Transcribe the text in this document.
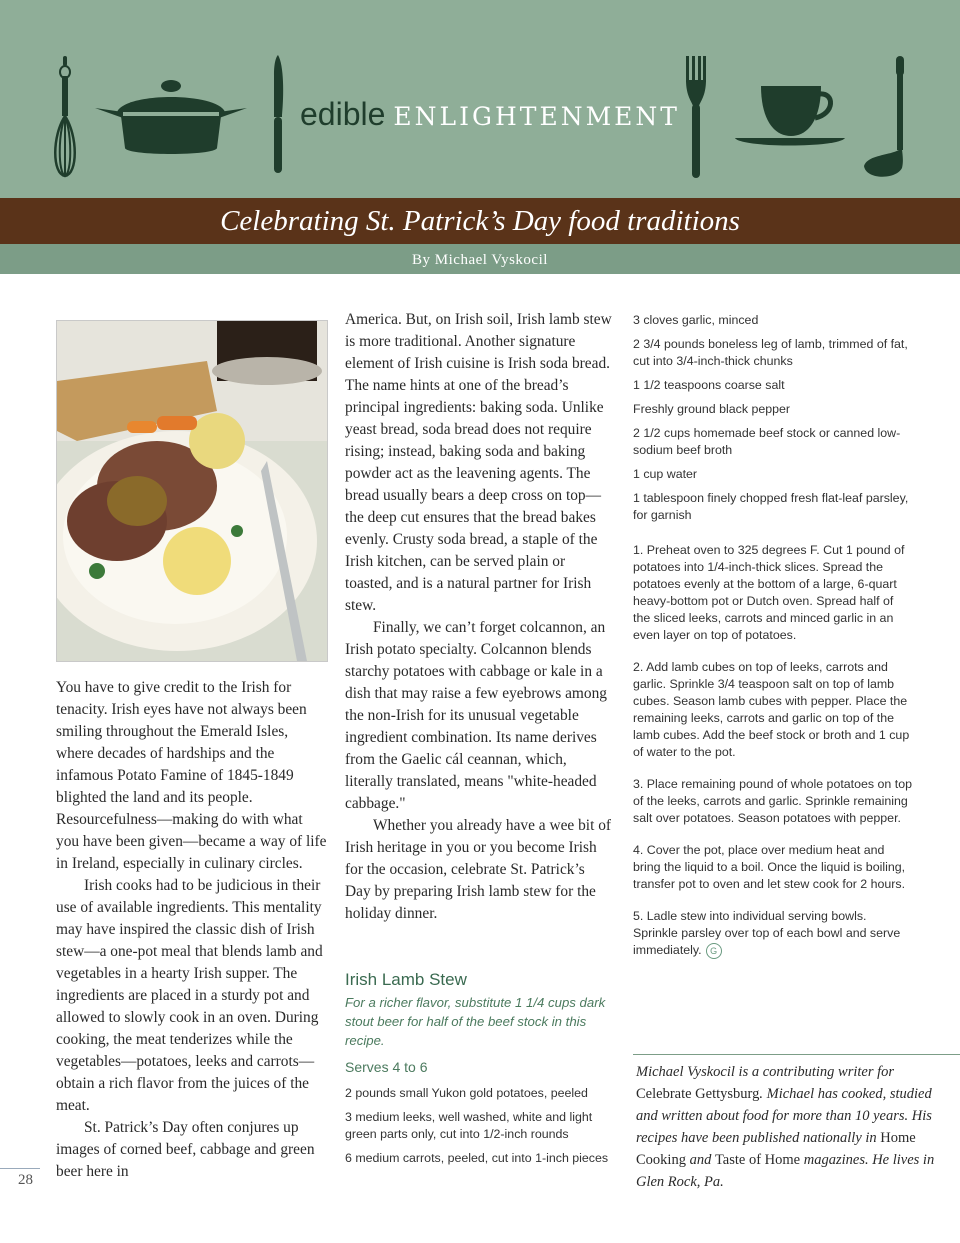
edible ENLIGHTENMENT
Celebrating St. Patrick’s Day food traditions
By Michael Vyskocil

You have to give credit to the Irish for tenacity. Irish eyes have not always been smiling throughout the Emerald Isles, where decades of hardships and the infamous Potato Famine of 1845-1849 blighted the land and its people. Resourcefulness—making do with what you have been given—became a way of life in Ireland, especially in culinary circles.

Irish cooks had to be judicious in their use of available ingredients. This mentality may have inspired the classic dish of Irish stew—a one-pot meal that blends lamb and vegetables in a hearty Irish supper. The ingredients are placed in a sturdy pot and allowed to slowly cook in an oven. During cooking, the meat tenderizes while the vegetables—potatoes, leeks and carrots—obtain a rich flavor from the juices of the meat.

St. Patrick’s Day often conjures up images of corned beef, cabbage and green beer here in

America. But, on Irish soil, Irish lamb stew is more traditional. Another signature element of Irish cuisine is Irish soda bread. The name hints at one of the bread’s principal ingredients: baking soda. Unlike yeast bread, soda bread does not require rising; instead, baking soda and baking powder act as the leavening agents. The bread usually bears a deep cross on top—the deep cut ensures that the bread bakes evenly. Crusty soda bread, a staple of the Irish kitchen, can be served plain or toasted, and is a natural partner for Irish stew.

Finally, we can’t forget colcannon, an Irish potato specialty. Colcannon blends starchy potatoes with cabbage or kale in a dish that may raise a few eyebrows among the non-Irish for its unusual vegetable ingredient combination. Its name derives from the Gaelic cál ceannan, which, literally translated, means "white-headed cabbage."

Whether you already have a wee bit of Irish heritage in you or you become Irish for the occasion, celebrate St. Patrick’s Day by preparing Irish lamb stew for the holiday dinner.

Irish Lamb Stew
For a richer flavor, substitute 1 1/4 cups dark stout beer for half of the beef stock in this recipe.
Serves 4 to 6

2 pounds small Yukon gold potatoes, peeled

3 medium leeks, well washed, white and light green parts only, cut into 1/2-inch rounds

6 medium carrots, peeled, cut into 1-inch pieces

3 cloves garlic, minced

2 3/4 pounds boneless leg of lamb, trimmed of fat, cut into 3/4-inch-thick chunks

1 1/2 teaspoons coarse salt

Freshly ground black pepper

2 1/2 cups homemade beef stock or canned low-sodium beef broth

1 cup water

1 tablespoon finely chopped fresh flat-leaf parsley, for garnish

1. Preheat oven to 325 degrees F. Cut 1 pound of potatoes into 1/4-inch-thick slices. Spread the potatoes evenly at the bottom of a large, 6-quart heavy-bottom pot or Dutch oven. Spread half of the sliced leeks, carrots and minced garlic in an even layer on top of potatoes.

2. Add lamb cubes on top of leeks, carrots and garlic. Sprinkle 3/4 teaspoon salt on top of lamb cubes. Season lamb cubes with pepper. Place the remaining leeks, carrots and garlic on top of the lamb cubes. Add the beef stock or broth and 1 cup of water to the pot.

3. Place remaining pound of whole potatoes on top of the leeks, carrots and garlic. Sprinkle remaining salt over potatoes. Season potatoes with pepper.

4. Cover the pot, place over medium heat and bring the liquid to a boil. Once the liquid is boiling, transfer pot to oven and let stew cook for 2 hours.

5. Ladle stew into individual serving bowls. Sprinkle parsley over top of each bowl and serve immediately. G

Michael Vyskocil is a contributing writer for Celebrate Gettysburg. Michael has cooked, studied and written about food for more than 10 years. His recipes have been published nationally in Home Cooking and Taste of Home magazines. He lives in Glen Rock, Pa.
28
